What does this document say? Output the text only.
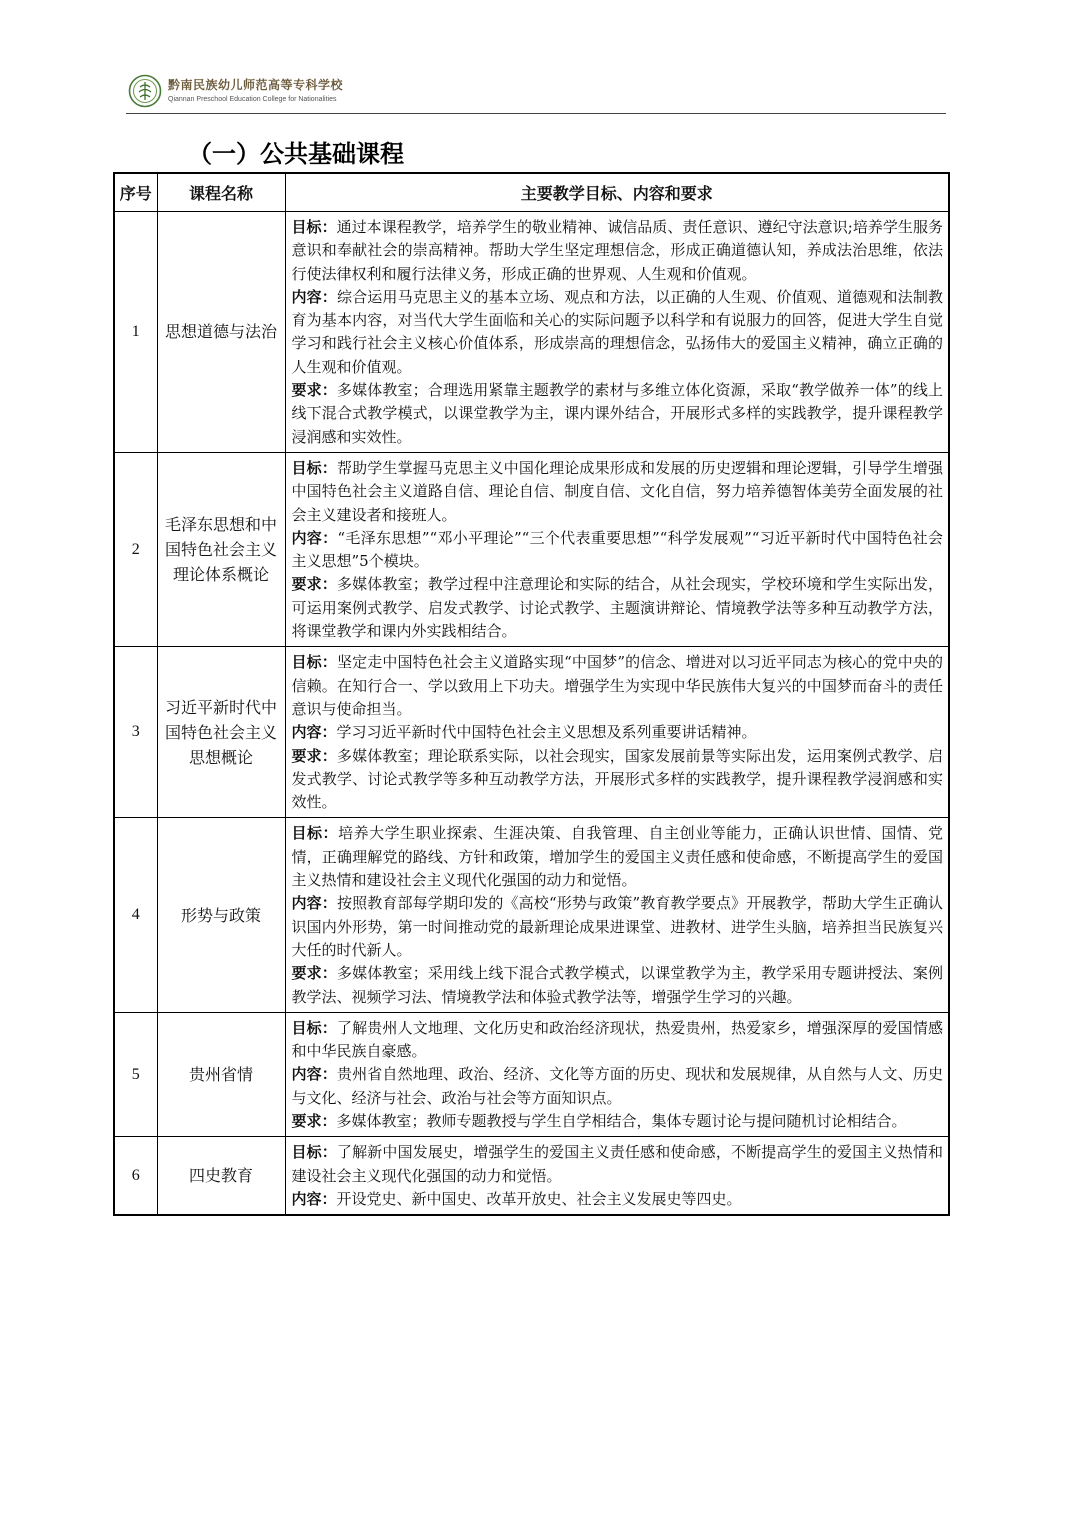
黔南民族幼儿师范高等专科学校
Qiannan Preschool Education College for Nationalities
（一）公共基础课程
序号	课程名称	主要教学目标、内容和要求
1	思想道德与法治	目标：通过本课程教学，培养学生的敬业精神、诚信品质、责任意识、遵纪守法意识;培养学生服务意识和奉献社会的崇高精神。帮助大学生坚定理想信念，形成正确道德认知，养成法治思维，依法行使法律权利和履行法律义务，形成正确的世界观、人生观和价值观。

内容：综合运用马克思主义的基本立场、观点和方法，以正确的人生观、价值观、道德观和法制教育为基本内容，对当代大学生面临和关心的实际问题予以科学和有说服力的回答，促进大学生自觉学习和践行社会主义核心价值体系，形成崇高的理想信念，弘扬伟大的爱国主义精神，确立正确的人生观和价值观。

要求：多媒体教室；合理选用紧靠主题教学的素材与多维立体化资源，采取“教学做养一体”的线上线下混合式教学模式，以课堂教学为主，课内课外结合，开展形式多样的实践教学，提升课程教学浸润感和实效性。

2	毛泽东思想和中国特色社会主义理论体系概论	目标：帮助学生掌握马克思主义中国化理论成果形成和发展的历史逻辑和理论逻辑，引导学生增强中国特色社会主义道路自信、理论自信、制度自信、文化自信，努力培养德智体美劳全面发展的社会主义建设者和接班人。

内容：“毛泽东思想”“邓小平理论”“三个代表重要思想”“科学发展观”“习近平新时代中国特色社会主义思想”5个模块。

要求：多媒体教室；教学过程中注意理论和实际的结合，从社会现实，学校环境和学生实际出发，可运用案例式教学、启发式教学、讨论式教学、主题演讲辩论、情境教学法等多种互动教学方法，将课堂教学和课内外实践相结合。

3	习近平新时代中国特色社会主义思想概论	目标：坚定走中国特色社会主义道路实现“中国梦”的信念、增进对以习近平同志为核心的党中央的信赖。在知行合一、学以致用上下功夫。增强学生为实现中华民族伟大复兴的中国梦而奋斗的责任意识与使命担当。

内容：学习习近平新时代中国特色社会主义思想及系列重要讲话精神。

要求：多媒体教室；理论联系实际，以社会现实，国家发展前景等实际出发，运用案例式教学、启发式教学、讨论式教学等多种互动教学方法，开展形式多样的实践教学，提升课程教学浸润感和实效性。

4	形势与政策	目标：培养大学生职业探索、生涯决策、自我管理、自主创业等能力，正确认识世情、国情、党情，正确理解党的路线、方针和政策，增加学生的爱国主义责任感和使命感，不断提高学生的爱国主义热情和建设社会主义现代化强国的动力和觉悟。

内容：按照教育部每学期印发的《高校“形势与政策”教育教学要点》开展教学，帮助大学生正确认识国内外形势，第一时间推动党的最新理论成果进课堂、进教材、进学生头脑，培养担当民族复兴大任的时代新人。

要求：多媒体教室；采用线上线下混合式教学模式，以课堂教学为主，教学采用专题讲授法、案例教学法、视频学习法、情境教学法和体验式教学法等，增强学生学习的兴趣。

5	贵州省情	目标：了解贵州人文地理、文化历史和政治经济现状，热爱贵州，热爱家乡，增强深厚的爱国情感和中华民族自豪感。

内容：贵州省自然地理、政治、经济、文化等方面的历史、现状和发展规律，从自然与人文、历史与文化、经济与社会、政治与社会等方面知识点。

要求：多媒体教室；教师专题教授与学生自学相结合，集体专题讨论与提问随机讨论相结合。

6	四史教育	目标：了解新中国发展史，增强学生的爱国主义责任感和使命感，不断提高学生的爱国主义热情和建设社会主义现代化强国的动力和觉悟。

内容：开设党史、新中国史、改革开放史、社会主义发展史等四史。
